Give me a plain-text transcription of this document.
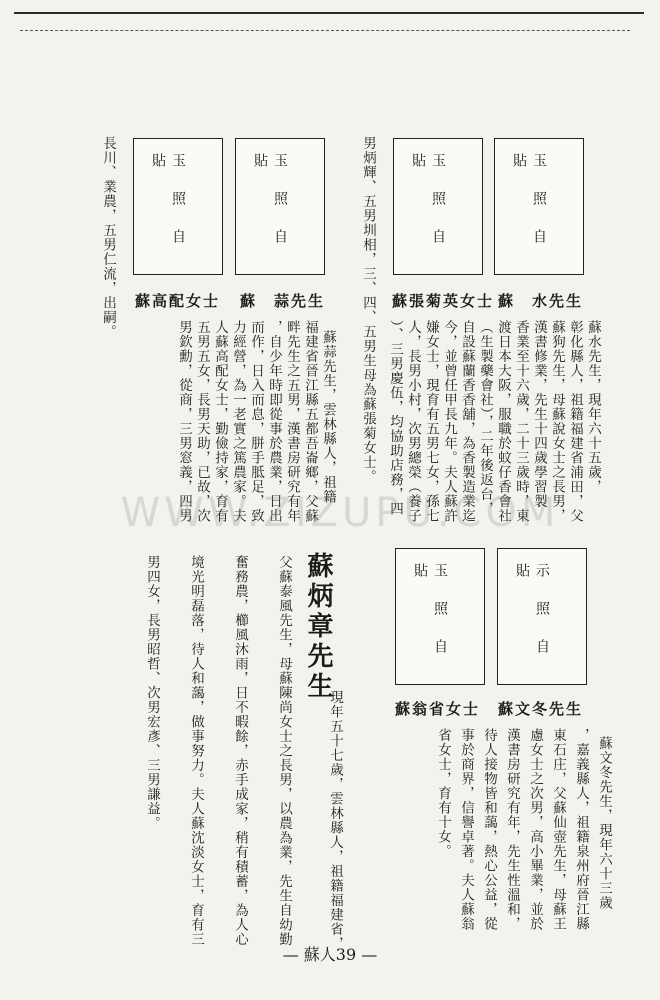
玉照自貼
玉照自貼
玉照自貼
玉照自貼
蘇　水先生
蘇張菊英女士
蘇　蒜先生
蘇高配女士
長川、業農，五男仁流，出嗣。	男炳輝、五男圳相，三、四、五男生母為蘇張菊女士。	蘇水先生，現年六十五歲，
彰化縣人，祖籍福建省浦田，父
蘇狗先生，母蘇說女士之長男，
漢書修業，先生十四歲學習製
香業至十六歲，二十三歲時，東
渡日本大阪，服職於蚊仔香會社
（生製藥會社），二年後返台，
自設蘇蘭香香舖，為香製造業迄
今，並曾任甲長九年。夫人蘇許
嫌女士，現育有五男七女，孫七
人，長男小村，次男總榮（養子
）、三男慶伍，均協助店務，四
蘇蒜先生，雲林縣人，祖籍
福建省晉江縣五都吾崙鄉，父蘇
畔先生之五男，漢書房研究有年
，自少年時即從事於農業，日出
而作，日入而息，胼手胝足，致
力經營，為一老實之篤農家。夫
人蘇高配女士，勤儉持家，育有
五男五女，長男天助，已故，次
男欽勳，從商，三男窓義，四男
示照自貼
玉照自貼
蘇文冬先生
蘇翁省女士
蘇炳章先生
現年五十七歲，雲林縣人，祖籍福建省，
父蘇泰風先生，母蘇陳尚女士之長男，以農為業，先生自幼勤
奮務農，櫛風沐雨，日不暇餘，赤手成家，稍有積蓄，為人心
境光明磊落，待人和藹，做事努力。夫人蘇沈淡女士，育有三
男四女，長男昭哲、次男宏彥、三男謙益。	蘇文冬先生，現年六十三歲
，嘉義縣人，祖籍泉州府晉江縣
東石庄，父蘇仙壺先生，母蘇王
慮女士之次男，高小畢業，並於
漢書房研究有年，先生性溫和，
待人接物皆和藹，熱心公益，從
事於商界，信譽卓著。夫人蘇翁
省女士，育有十女。
WWW.ZIZUPU.COM
— 蘇人39 —
